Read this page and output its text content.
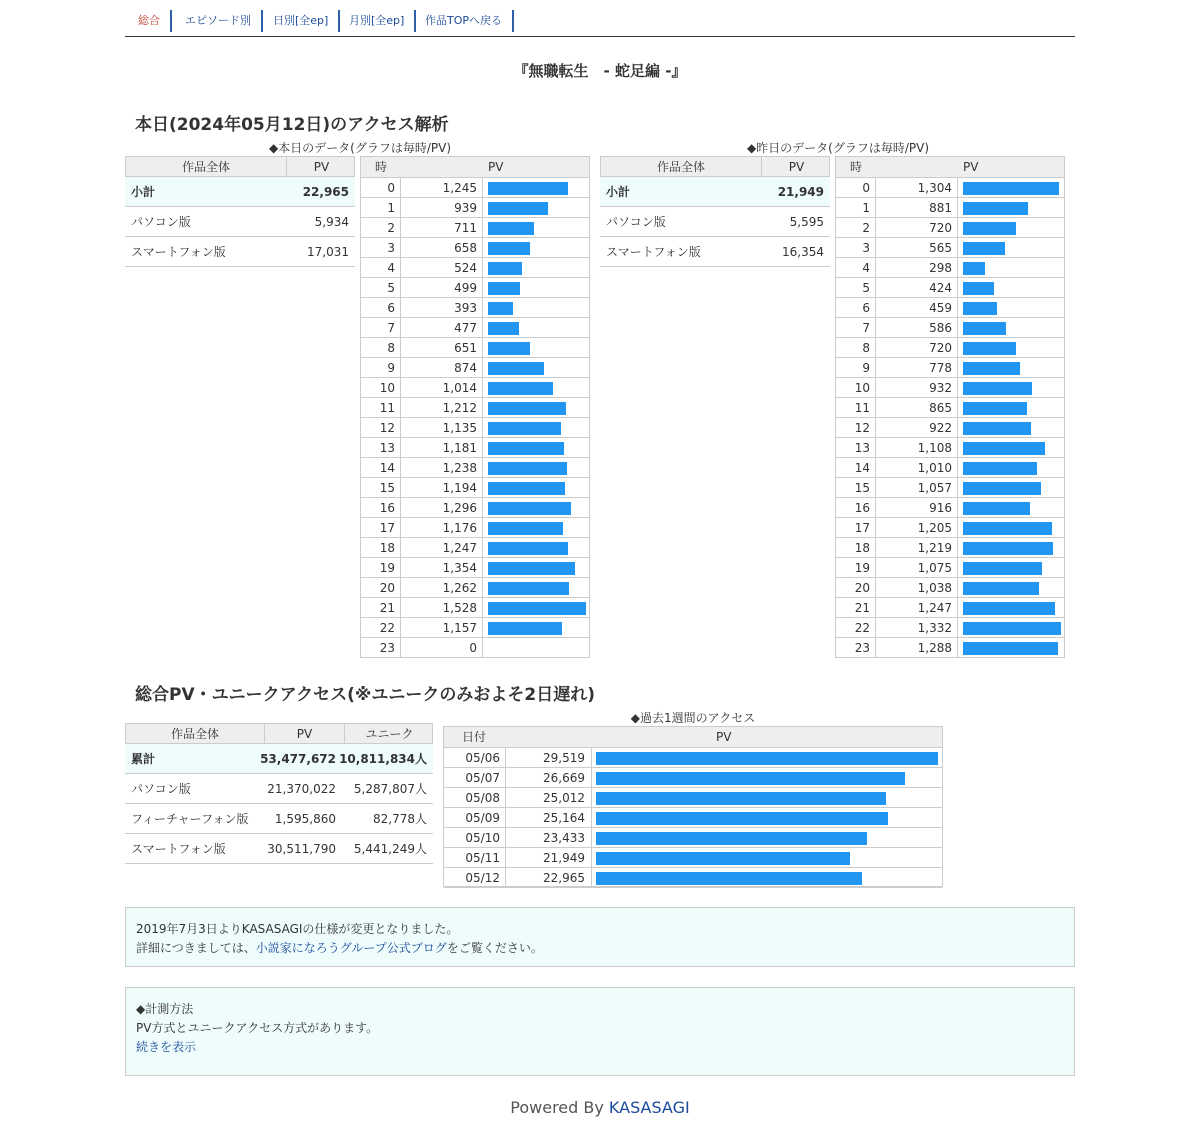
総合	エピソード別	日別[全ep]	月別[全ep]	作品TOPへ戻る
『無職転生　- 蛇足編 -』
本日(2024年05月12日)のアクセス解析
◆本日のデータ(グラフは毎時/PV)	◆昨日のデータ(グラフは毎時/PV)
作品全体	PV
小計	22,965
パソコン版	5,934
スマートフォン版	17,031
時	PV
0	1,245
1	939
2	711
3	658
4	524
5	499
6	393
7	477
8	651
9	874
10	1,014
11	1,212
12	1,135
13	1,181
14	1,238
15	1,194
16	1,296
17	1,176
18	1,247
19	1,354
20	1,262
21	1,528
22	1,157
23	0
作品全体	PV
小計	21,949
パソコン版	5,595
スマートフォン版	16,354
時	PV
0	1,304
1	881
2	720
3	565
4	298
5	424
6	459
7	586
8	720
9	778
10	932
11	865
12	922
13	1,108
14	1,010
15	1,057
16	916
17	1,205
18	1,219
19	1,075
20	1,038
21	1,247
22	1,332
23	1,288
総合PV・ユニークアクセス(※ユニークのみおよそ2日遅れ)
作品全体	PV	ユニーク
累計	53,477,672 10,811,834人
パソコン版	21,370,022 5,287,807人
フィーチャーフォン版 1,595,860	82,778人
スマートフォン版	30,511,790 5,441,249人
◆過去1週間のアクセス
日付	PV
05/06	29,519
05/07	26,669
05/08	25,012
05/09	25,164
05/10	23,433
05/11	21,949
05/12	22,965
2019年7月3日よりKASASAGIの仕様が変更となりました。
詳細につきましては、小説家になろうグループ公式ブログをご覧ください。
◆計測方法
PV方式とユニークアクセス方式があります。
続きを表示
Powered By KASASAGI
